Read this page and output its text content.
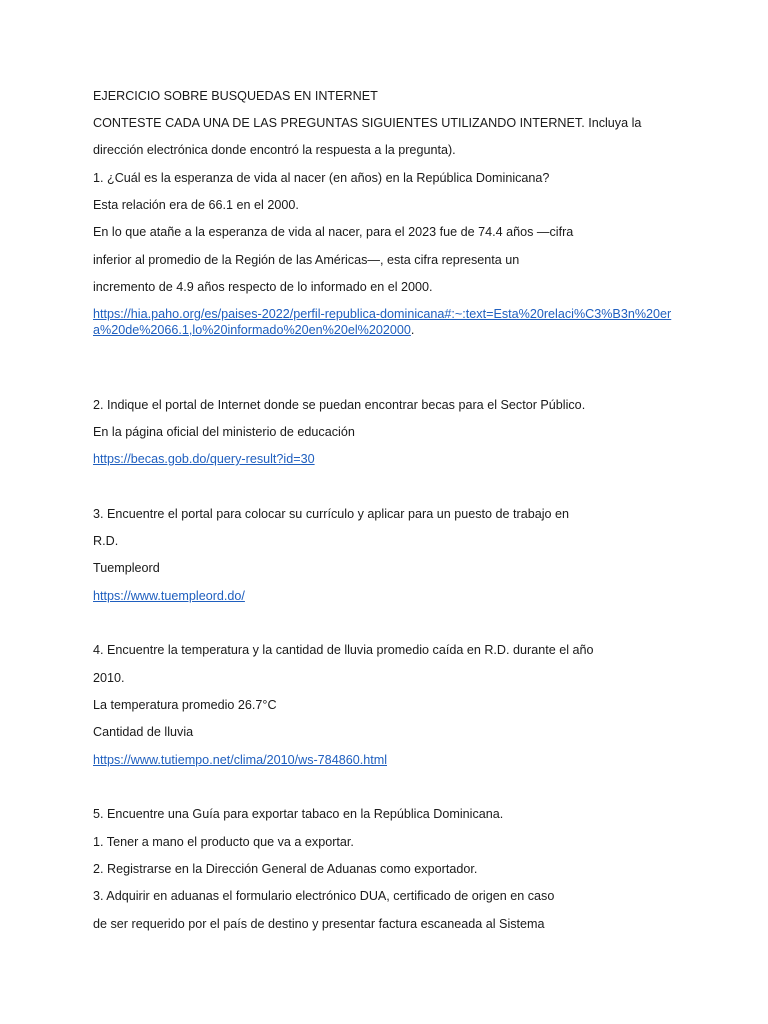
EJERCICIO SOBRE BUSQUEDAS EN INTERNET

CONTESTE CADA UNA DE LAS PREGUNTAS SIGUIENTES UTILIZANDO INTERNET. Incluya la

dirección electrónica donde encontró la respuesta a la pregunta).

1. ¿Cuál es la esperanza de vida al nacer (en años) en la República Dominicana?

Esta relación era de 66.1 en el 2000.

En lo que atañe a la esperanza de vida al nacer, para el 2023 fue de 74.4 años —cifra

inferior al promedio de la Región de las Américas—, esta cifra representa un

incremento de 4.9 años respecto de lo informado en el 2000.

https://hia.paho.org/es/paises-2022/perfil-republica-dominicana#:~:text=Esta%20relaci%C3%B3n%20era%20de%2066.1,lo%20informado%20en%20el%202000.

2. Indique el portal de Internet donde se puedan encontrar becas para el Sector Público.

En la página oficial del ministerio de educación

https://becas.gob.do/query-result?id=30

3. Encuentre el portal para colocar su currículo y aplicar para un puesto de trabajo en

R.D.

Tuempleord

https://www.tuempleord.do/

4. Encuentre la temperatura y la cantidad de lluvia promedio caída en R.D. durante el año

2010.

La temperatura promedio 26.7°C

Cantidad de lluvia

https://www.tutiempo.net/clima/2010/ws-784860.html

5. Encuentre una Guía para exportar tabaco en la República Dominicana.

1. Tener a mano el producto que va a exportar.

2. Registrarse en la Dirección General de Aduanas como exportador.

3. Adquirir en aduanas el formulario electrónico DUA, certificado de origen en caso

de ser requerido por el país de destino y presentar factura escaneada al Sistema
